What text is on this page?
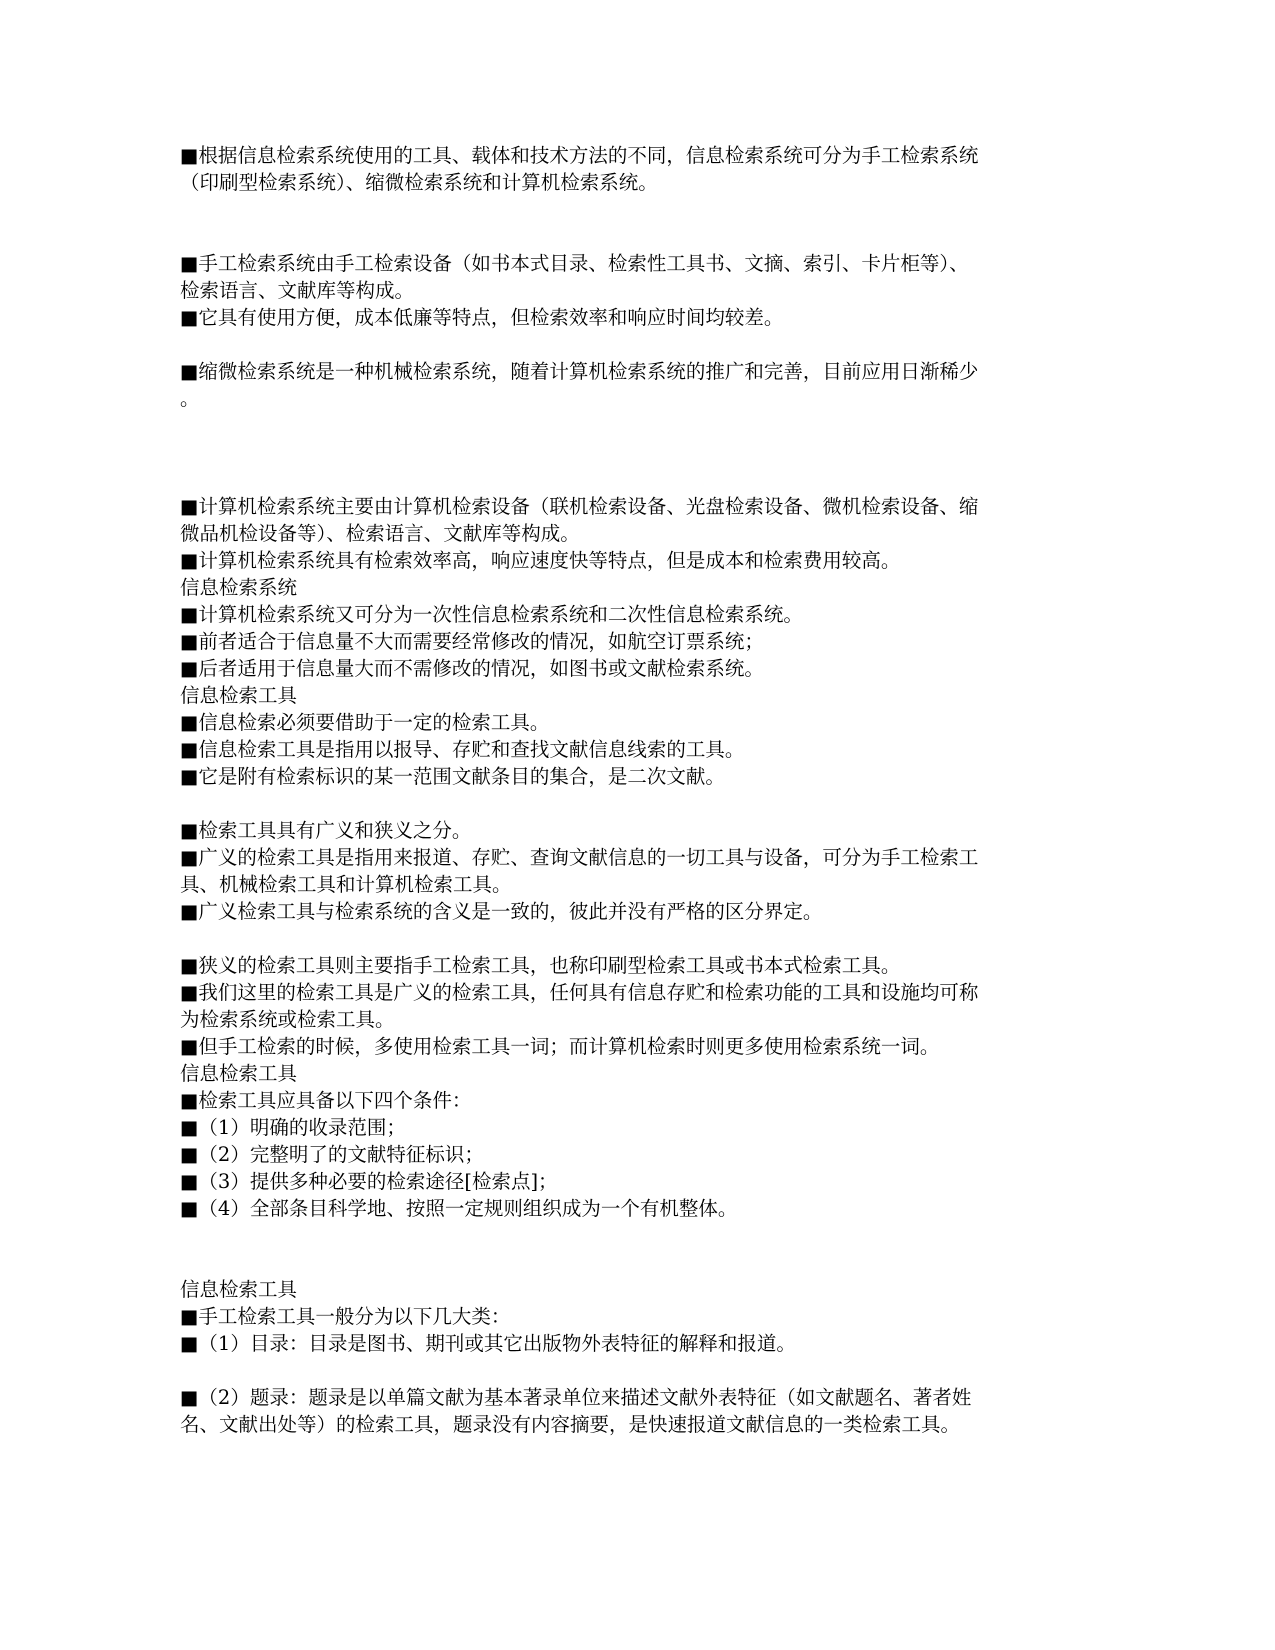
■根据信息检索系统使用的工具、载体和技术方法的不同，信息检索系统可分为手工检索系统
（印刷型检索系统）、缩微检索系统和计算机检索系统。
■手工检索系统由手工检索设备（如书本式目录、检索性工具书、文摘、索引、卡片柜等）、
检索语言、文献库等构成。
■它具有使用方便，成本低廉等特点，但检索效率和响应时间均较差。
■缩微检索系统是一种机械检索系统，随着计算机检索系统的推广和完善，目前应用日渐稀少
。
■计算机检索系统主要由计算机检索设备（联机检索设备、光盘检索设备、微机检索设备、缩
微品机检设备等）、检索语言、文献库等构成。
■计算机检索系统具有检索效率高，响应速度快等特点，但是成本和检索费用较高。
信息检索系统
■计算机检索系统又可分为一次性信息检索系统和二次性信息检索系统。
■前者适合于信息量不大而需要经常修改的情况，如航空订票系统；
■后者适用于信息量大而不需修改的情况，如图书或文献检索系统。
信息检索工具
■信息检索必须要借助于一定的检索工具。
■信息检索工具是指用以报导、存贮和查找文献信息线索的工具。
■它是附有检索标识的某一范围文献条目的集合，是二次文献。
■检索工具具有广义和狭义之分。
■广义的检索工具是指用来报道、存贮、查询文献信息的一切工具与设备，可分为手工检索工
具、机械检索工具和计算机检索工具。
■广义检索工具与检索系统的含义是一致的，彼此并没有严格的区分界定。
■狭义的检索工具则主要指手工检索工具，也称印刷型检索工具或书本式检索工具。
■我们这里的检索工具是广义的检索工具，任何具有信息存贮和检索功能的工具和设施均可称
为检索系统或检索工具。
■但手工检索的时候，多使用检索工具一词；而计算机检索时则更多使用检索系统一词。
信息检索工具
■检索工具应具备以下四个条件：
■（1）明确的收录范围；
■（2）完整明了的文献特征标识；
■（3）提供多种必要的检索途径[检索点]；
■（4）全部条目科学地、按照一定规则组织成为一个有机整体。
信息检索工具
■手工检索工具一般分为以下几大类：
■（1）目录：目录是图书、期刊或其它出版物外表特征的解释和报道。
■（2）题录：题录是以单篇文献为基本著录单位来描述文献外表特征（如文献题名、著者姓
名、文献出处等）的检索工具，题录没有内容摘要，是快速报道文献信息的一类检索工具。
